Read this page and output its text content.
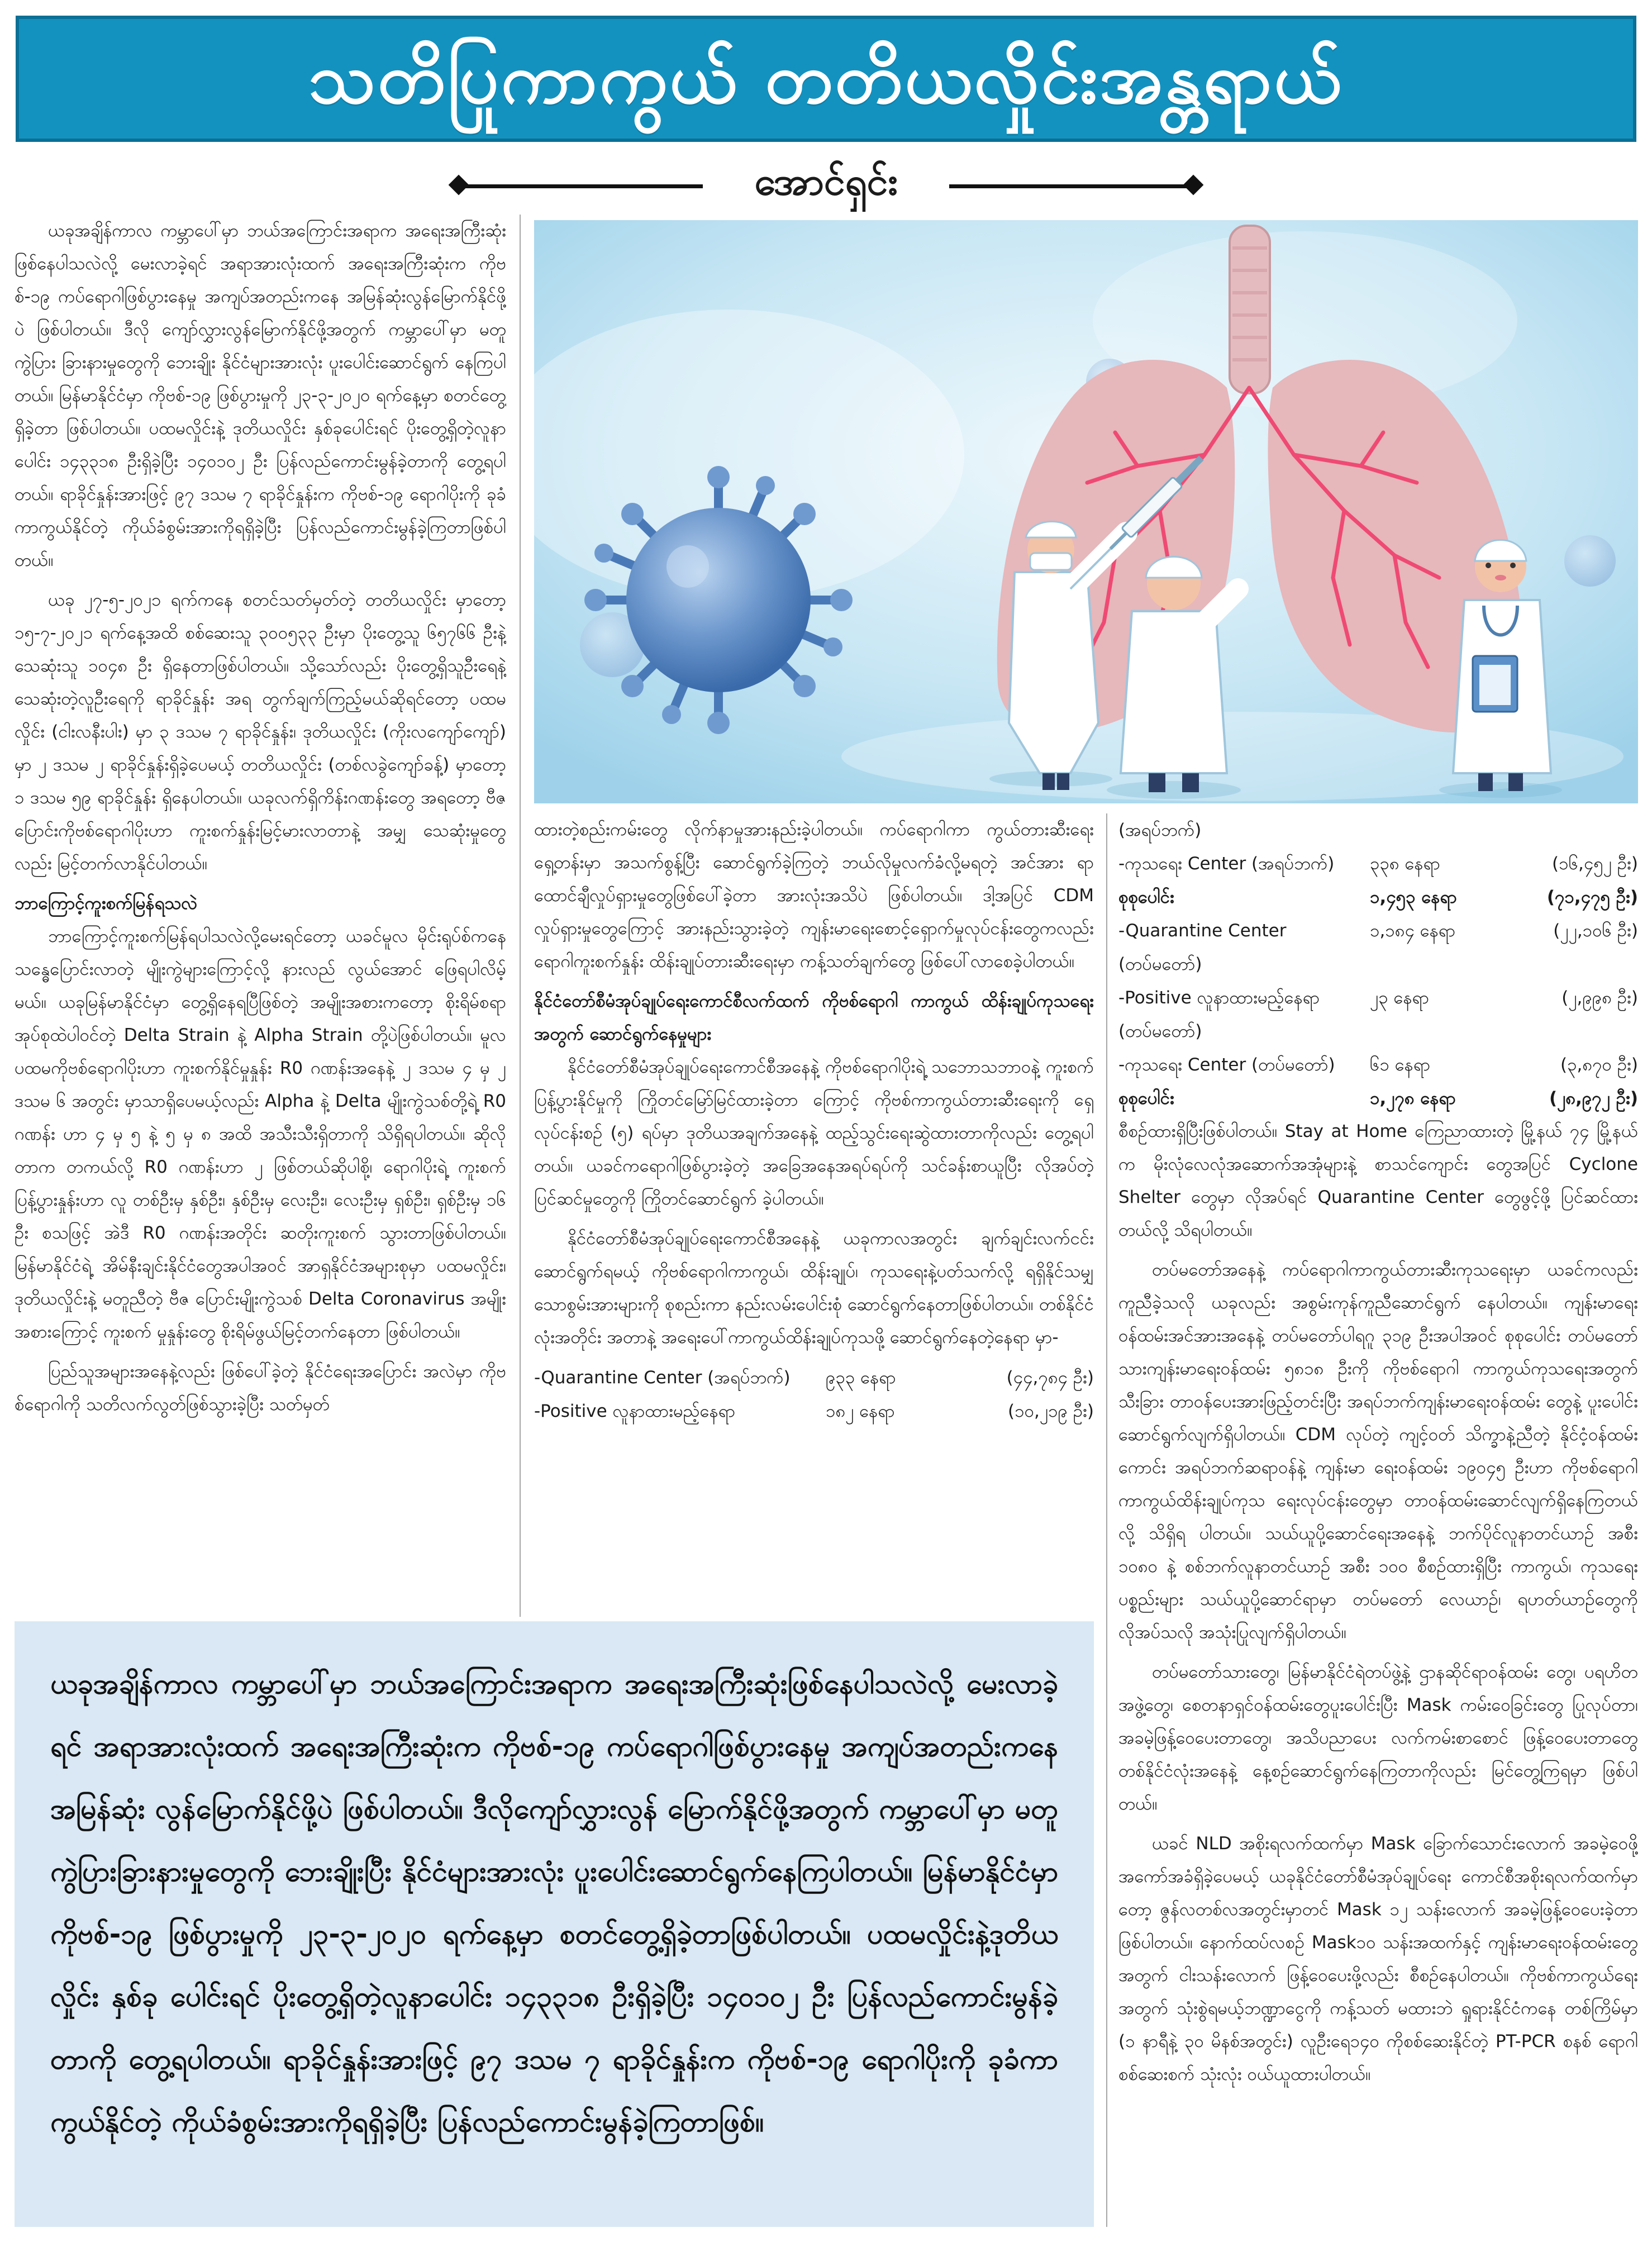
သတိပြုကာကွယ် တတိယလှိုင်းအန္တရာယ်
အောင်ရှင်း

ယခုအချိန်ကာလ ကမ္ဘာပေါ်မှာ ဘယ်အကြောင်းအရာက အရေးအကြီးဆုံးဖြစ်နေပါသလဲလို့ မေးလာခဲ့ရင် အရာအားလုံးထက် အရေးအကြီးဆုံးက ကိုဗစ်-၁၉ ကပ်ရောဂါဖြစ်ပွားနေမှု အကျပ်အတည်းကနေ အမြန်ဆုံးလွန်မြောက်နိုင်ဖို့ပဲ ဖြစ်ပါတယ်။ ဒီလို ကျော်လွှားလွန်မြောက်နိုင်ဖို့အတွက် ကမ္ဘာပေါ်မှာ မတူကွဲပြား ခြားနားမှုတွေကို ဘေးချိုး နိုင်ငံများအားလုံး ပူးပေါင်းဆောင်ရွက် နေကြပါတယ်။ မြန်မာနိုင်ငံမှာ ကိုဗစ်-၁၉ ဖြစ်ပွားမှုကို ၂၃-၃-၂၀၂၀ ရက်နေ့မှာ စတင်တွေ့ရှိခဲ့တာ ဖြစ်ပါတယ်။ ပထမလှိုင်းနဲ့ ဒုတိယလှိုင်း နှစ်ခုပေါင်းရင် ပိုးတွေ့ရှိတဲ့လူနာပေါင်း ၁၄၃၃၁၈ ဦးရှိခဲ့ပြီး ၁၄၀၁၀၂ ဦး ပြန်လည်ကောင်းမွန်ခဲ့တာကို တွေ့ရပါတယ်။ ရာခိုင်နှုန်းအားဖြင့် ၉၇ ဒသမ ၇ ရာခိုင်နှုန်းက ကိုဗစ်-၁၉ ရောဂါပိုးကို ခုခံကာကွယ်နိုင်တဲ့ ကိုယ်ခံစွမ်းအားကိုရရှိခဲ့ပြီး ပြန်လည်ကောင်းမွန်ခဲ့ကြတာဖြစ်ပါ တယ်။

ယခု ၂၇-၅-၂၀၂၁ ရက်ကနေ စတင်သတ်မှတ်တဲ့ တတိယလှိုင်း မှာတော့ ၁၅-၇-၂၀၂၁ ရက်နေ့အထိ စစ်ဆေးသူ ၃၀၀၅၃၃ ဦးမှာ ပိုးတွေ့သူ ၆၅၇၆၆ ဦးနဲ့ သေဆုံးသူ ၁၀၄၈ ဦး ရှိနေတာဖြစ်ပါတယ်။ သို့သော်လည်း ပိုးတွေ့ရှိသူဦးရေနဲ့ သေဆုံးတဲ့လူဦးရေကို ရာခိုင်နှုန်း အရ တွက်ချက်ကြည့်မယ်ဆိုရင်တော့ ပထမလှိုင်း (ငါးလနီးပါး) မှာ ၃ ဒသမ ၇ ရာခိုင်နှုန်း၊ ဒုတိယလှိုင်း (ကိုးလကျော်ကျော်) မှာ ၂ ဒသမ ၂ ရာခိုင်နှုန်းရှိခဲ့ပေမယ့် တတိယလှိုင်း (တစ်လခွဲကျော်ခန့်) မှာတော့ ၁ ဒသမ ၅၉ ရာခိုင်နှုန်း ရှိနေပါတယ်။ ယခုလက်ရှိကိန်းဂဏန်းတွေ အရတော့ ဗီဇပြောင်းကိုဗစ်ရောဂါပိုးဟာ ကူးစက်နှုန်းမြင့်မားလာတာနဲ့ အမျှ သေဆုံးမှုတွေလည်း မြင့်တက်လာနိုင်ပါတယ်။

ဘာကြောင့်ကူးစက်မြန်ရသလဲ

ဘာကြောင့်ကူးစက်မြန်ရပါသလဲလို့မေးရင်တော့ ယခင်မူလ မိုင်းရုပ်စ်ကနေ သန္ဓေပြောင်းလာတဲ့ မျိုးကွဲများကြောင့်လို့ နားလည် လွယ်အောင် ဖြေရပါလိမ့်မယ်။ ယခုမြန်မာနိုင်ငံမှာ တွေ့ရှိနေရပြီဖြစ်တဲ့ အမျိုးအစားကတော့ စိုးရိမ်စရာအုပ်စုထဲပါဝင်တဲ့ Delta Strain နဲ့ Alpha Strain တို့ပဲဖြစ်ပါတယ်။ မူလပထမကိုဗစ်ရောဂါပိုးဟာ ကူးစက်နိုင်မှုနှုန်း R0 ဂဏန်းအနေနဲ့ ၂ ဒသမ ၄ မှ ၂ ဒသမ ၆ အတွင်း မှာသာရှိပေမယ့်လည်း Alpha နဲ့ Delta မျိုးကွဲသစ်တို့ရဲ့ R0 ဂဏန်း ဟာ ၄ မှ ၅ နဲ့ ၅ မှ ၈ အထိ အသီးသီးရှိတာကို သိရှိရပါတယ်။ ဆိုလို တာက တကယ်လို့ R0 ဂဏန်းဟာ ၂ ဖြစ်တယ်ဆိုပါစို့၊ ရောဂါပိုးရဲ့ ကူးစက်ပြန့်ပွားနှုန်းဟာ လူ တစ်ဦးမှ နှစ်ဦး၊ နှစ်ဦးမှ လေးဦး၊ လေးဦးမှ ရှစ်ဦး၊ ရှစ်ဦးမှ ၁၆ ဦး စသဖြင့် အဲဒီ R0 ဂဏန်းအတိုင်း ဆတိုးကူးစက် သွားတာဖြစ်ပါတယ်။ မြန်မာနိုင်ငံရဲ့ အိမ်နီးချင်းနိုင်ငံတွေအပါအဝင် အာရှနိုင်ငံအများစုမှာ ပထမလှိုင်း၊ ဒုတိယလှိုင်းနဲ့ မတူညီတဲ့ ဗီဇ ပြောင်းမျိုးကွဲသစ် Delta Coronavirus အမျိုးအစားကြောင့် ကူးစက် မှုနှုန်းတွေ စိုးရိမ်ဖွယ်မြင့်တက်နေတာ ဖြစ်ပါတယ်။

ပြည်သူအများအနေနဲ့လည်း ဖြစ်ပေါ်ခဲ့တဲ့ နိုင်ငံရေးအပြောင်း အလဲမှာ ကိုဗစ်ရောဂါကို သတိလက်လွတ်ဖြစ်သွားခဲ့ပြီး သတ်မှတ်

ထားတဲ့စည်းကမ်းတွေ လိုက်နာမှုအားနည်းခဲ့ပါတယ်။ ကပ်ရောဂါကာ ကွယ်တားဆီးရေးရှေ့တန်းမှာ အသက်စွန့်ပြီး ဆောင်ရွက်ခဲ့ကြတဲ့ ဘယ်လိုမှုလက်ခံလို့မရတဲ့ အင်အား ရာထောင်ချီလှုပ်ရှားမှုတွေဖြစ်ပေါ်ခဲ့တာ အားလုံးအသိပဲ ဖြစ်ပါတယ်။ ဒါ့အပြင် CDM လှုပ်ရှားမှုတွေကြောင့် အားနည်းသွားခဲ့တဲ့ ကျန်းမာရေးစောင့်ရှောက်မှုလုပ်ငန်းတွေကလည်း ရောဂါကူးစက်နှုန်း ထိန်းချုပ်တားဆီးရေးမှာ ကန့်သတ်ချက်တွေ ဖြစ်ပေါ်လာစေခဲ့ပါတယ်။

နိုင်ငံတော်စီမံအုပ်ချုပ်ရေးကောင်စီလက်ထက် ကိုဗစ်ရောဂါ ကာကွယ် ထိန်းချုပ်ကုသရေးအတွက် ဆောင်ရွက်နေမှုများ

နိုင်ငံတော်စီမံအုပ်ချုပ်ရေးကောင်စီအနေနဲ့ ကိုဗစ်ရောဂါပိုးရဲ့ သဘောသဘာဝနဲ့ ကူးစက်ပြန့်ပွားနိုင်မှုကို ကြိုတင်မြော်မြင်ထားခဲ့တာ ကြောင့် ကိုဗစ်ကာကွယ်တားဆီးရေးကို ရှေ့လုပ်ငန်းစဉ် (၅) ရပ်မှာ ဒုတိယအချက်အနေနဲ့ ထည့်သွင်းရေးဆွဲထားတာကိုလည်း တွေ့ရပါ တယ်။ ယခင်ကရောဂါဖြစ်ပွားခဲ့တဲ့ အခြေအနေအရပ်ရပ်ကို သင်ခန်းစာယူပြီး လိုအပ်တဲ့ပြင်ဆင်မှုတွေကို ကြိုတင်ဆောင်ရွက် ခဲ့ပါတယ်။

နိုင်ငံတော်စီမံအုပ်ချုပ်ရေးကောင်စီအနေနဲ့ ယခုကာလအတွင်း ချက်ချင်းလက်ငင်းဆောင်ရွက်ရမယ့် ကိုဗစ်ရောဂါကာကွယ်၊ ထိန်းချုပ်၊ ကုသရေးနဲ့ပတ်သက်လို့ ရရှိနိုင်သမျှသောစွမ်းအားများကို စုစည်းကာ နည်းလမ်းပေါင်းစုံ ဆောင်ရွက်နေတာဖြစ်ပါတယ်။ တစ်နိုင်ငံလုံးအတိုင်း အတာနဲ့ အရေးပေါ်ကာကွယ်ထိန်းချုပ်ကုသဖို့ ဆောင်ရွက်နေတဲ့နေရာ မှာ-

-Quarantine Center (အရပ်ဘက်)	၉၃၃ နေရာ	(၄၄,၇၈၄ ဦး)
-Positive လူနာထားမည့်နေရာ	၁၈၂ နေရာ	(၁၀,၂၁၉ ဦး)
(အရပ်ဘက်)
-ကုသရေး Center (အရပ်ဘက်)	၃၃၈ နေရာ	(၁၆,၄၅၂ ဦး)
စုစုပေါင်း	၁,၄၅၃ နေရာ	(၇၁,၄၇၅ ဦး)
-Quarantine Center	၁,၁၈၄ နေရာ	(၂၂,၁၀၆ ဦး)
(တပ်မတော်)
-Positive လူနာထားမည့်နေရာ	၂၃ နေရာ	(၂,၉၉၈ ဦး)
(တပ်မတော်)
-ကုသရေး Center (တပ်မတော်)	၆၁ နေရာ	(၃,၈၇၀ ဦး)
စုစုပေါင်း	၁,၂၇၈ နေရာ	(၂၈,၉၇၂ ဦး)

စီစဉ်ထားရှိပြီးဖြစ်ပါတယ်။ Stay at Home ကြေညာထားတဲ့ မြို့နယ် ၇၄ မြို့နယ်က မိုးလုံလေလုံအဆောက်အအုံများနဲ့ စာသင်ကျောင်း တွေအပြင် Cyclone Shelter တွေမှာ လိုအပ်ရင် Quarantine Center တွေဖွင့်ဖို့ ပြင်ဆင်ထားတယ်လို့ သိရပါတယ်။

တပ်မတော်အနေနဲ့ ကပ်ရောဂါကာကွယ်တားဆီးကုသရေးမှာ ယခင်ကလည်းကူညီခဲ့သလို ယခုလည်း အစွမ်းကုန်ကူညီဆောင်ရွက် နေပါတယ်။ ကျန်းမာရေးဝန်ထမ်းအင်အားအနေနဲ့ တပ်မတော်ပါရဂူ ၃၁၉ ဦးအပါအဝင် စုစုပေါင်း တပ်မတော်သားကျန်းမာရေးဝန်ထမ်း ၅၈၁၈ ဦးကို ကိုဗစ်ရောဂါ ကာကွယ်ကုသရေးအတွက် သီးခြား တာဝန်ပေးအားဖြည့်တင်းပြီး အရပ်ဘက်ကျန်းမာရေးဝန်ထမ်း တွေနဲ့ ပူးပေါင်းဆောင်ရွက်လျက်ရှိပါတယ်။ CDM လုပ်တဲ့ ကျင့်ဝတ် သိက္ခာနဲ့ညီတဲ့ နိုင်ငံ့ဝန်ထမ်းကောင်း အရပ်ဘက်ဆရာဝန်နဲ့ ကျန်းမာ ရေးဝန်ထမ်း ၁၉၀၄၅ ဦးဟာ ကိုဗစ်ရောဂါကာကွယ်ထိန်းချုပ်ကုသ ရေးလုပ်ငန်းတွေမှာ တာဝန်ထမ်းဆောင်လျက်ရှိနေကြတယ်လို့ သိရှိရ ပါတယ်။ သယ်ယူပို့ဆောင်ရေးအနေနဲ့ ဘက်ပိုင်လူနာတင်ယာဉ် အစီး ၁၀၈၀ နဲ့ စစ်ဘက်လူနာတင်ယာဉ် အစီး ၁၀၀ စီစဉ်ထားရှိပြီး ကာကွယ်၊ ကုသရေးပစ္စည်းများ သယ်ယူပို့ဆောင်ရာမှာ တပ်မတော် လေယာဉ်၊ ရဟတ်ယာဉ်တွေကို လိုအပ်သလို အသုံးပြုလျက်ရှိပါတယ်။

တပ်မတော်သားတွေ၊ မြန်မာနိုင်ငံရဲတပ်ဖွဲ့နဲ့ ဌာနဆိုင်ရာဝန်ထမ်း တွေ၊ ပရဟိတအဖွဲ့တွေ၊ စေတနာရှင်ဝန်ထမ်းတွေပူးပေါင်းပြီး Mask ကမ်းဝေခြင်းတွေ ပြုလုပ်တာ၊ အခမဲ့ဖြန့်ဝေပေးတာတွေ၊ အသိပညာပေး လက်ကမ်းစာစောင် ဖြန့်ဝေပေးတာတွေ တစ်နိုင်ငံလုံးအနေနဲ့ နေ့စဉ်ဆောင်ရွက်နေကြတာကိုလည်း မြင်တွေ့ကြရမှာ ဖြစ်ပါတယ်။

ယခင် NLD အစိုးရလက်ထက်မှာ Mask ခြောက်သောင်းလောက် အခမဲ့ဝေဖို့ အကော်အခံရှိခဲ့ပေမယ့် ယခုနိုင်ငံတော်စီမံအုပ်ချုပ်ရေး ကောင်စီအစိုးရလက်ထက်မှာတော့ ဇွန်လတစ်လအတွင်းမှာတင် Mask ၁၂ သန်းလောက် အခမဲ့ဖြန့်ဝေပေးခဲ့တာဖြစ်ပါတယ်။ နောက်ထပ်လစဉ် Mask၁၀ သန်းအထက်နှင့် ကျန်းမာရေးဝန်ထမ်းတွေ အတွက် ငါးသန်းလောက် ဖြန့်ဝေပေးဖို့လည်း စီစဉ်နေပါတယ်။ ကိုဗစ်ကာကွယ်ရေးအတွက် သုံးစွဲရမယ့်ဘဏ္ဍာငွေကို ကန့်သတ် မထားဘဲ ရှုရားနိုင်ငံကနေ တစ်ကြိမ်မှာ (၁ နာရီနဲ့ ၃၀ မိနစ်အတွင်း) လူဦးရေ၁၄၀ ကိုစစ်ဆေးနိုင်တဲ့ PT-PCR စနစ် ရောဂါစစ်ဆေးစက် သုံးလုံး ဝယ်ယူထားပါတယ်။

ယခုအချိန်ကာလ ကမ္ဘာပေါ်မှာ ဘယ်အကြောင်းအရာက အရေးအကြီးဆုံးဖြစ်နေပါသလဲလို့ မေးလာခဲ့ရင် အရာအားလုံးထက် အရေးအကြီးဆုံးက ကိုဗစ်-၁၉ ကပ်ရောဂါဖြစ်ပွားနေမှု အကျပ်အတည်းကနေ အမြန်ဆုံး လွန်မြောက်နိုင်ဖို့ပဲ ဖြစ်ပါတယ်။ ဒီလိုကျော်လွှားလွန် မြောက်နိုင်ဖို့အတွက် ကမ္ဘာပေါ်မှာ မတူကွဲပြားခြားနားမှုတွေကို ဘေးချိုးပြီး နိုင်ငံများအားလုံး ပူးပေါင်းဆောင်ရွက်နေကြပါတယ်။ မြန်မာနိုင်ငံမှာ ကိုဗစ်-၁၉ ဖြစ်ပွားမှုကို ၂၃-၃-၂၀၂၀ ရက်နေ့မှာ စတင်တွေ့ရှိခဲ့တာဖြစ်ပါတယ်။ ပထမလှိုင်းနဲ့ဒုတိယလှိုင်း နှစ်ခု ပေါင်းရင် ပိုးတွေ့ရှိတဲ့လူနာပေါင်း ၁၄၃၃၁၈ ဦးရှိခဲ့ပြီး ၁၄၀၁၀၂ ဦး ပြန်လည်ကောင်းမွန်ခဲ့တာကို တွေ့ရပါတယ်။ ရာခိုင်နှုန်းအားဖြင့် ၉၇ ဒသမ ၇ ရာခိုင်နှုန်းက ကိုဗစ်-၁၉ ရောဂါပိုးကို ခုခံကာကွယ်နိုင်တဲ့ ကိုယ်ခံစွမ်းအားကိုရရှိခဲ့ပြီး ပြန်လည်ကောင်းမွန်ခဲ့ကြတာဖြစ်။
